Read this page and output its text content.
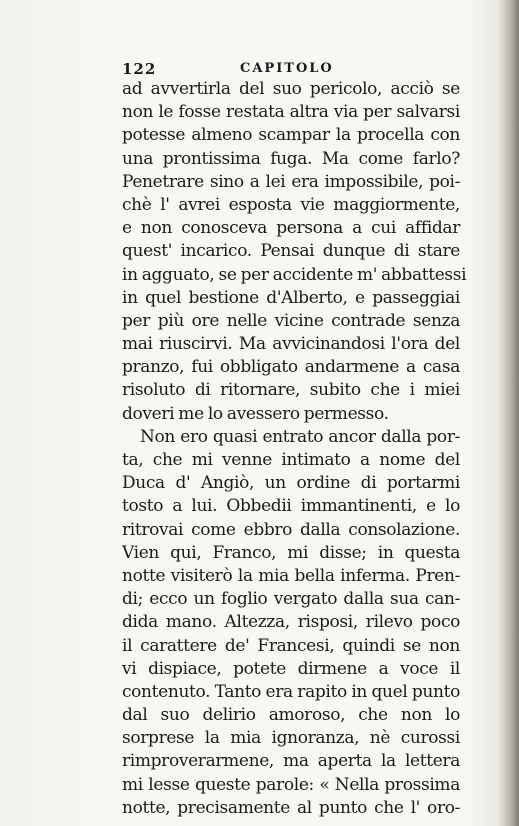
122	CAPITOLO
ad avvertirla del suo pericolo, acciò se
non le fosse restata altra via per salvarsi
potesse almeno scampar la procella con
una prontissima fuga. Ma come farlo?
Penetrare sino a lei era impossibile, poi-
chè l' avrei esposta vie maggiormente,
e non conosceva persona a cui affidar
quest' incarico. Pensai dunque di stare
in agguato, se per accidente m' abbattessi
in quel bestione d'Alberto, e passeggiai
per più ore nelle vicine contrade senza
mai riuscirvi. Ma avvicinandosi l'ora del
pranzo, fui obbligato andarmene a casa
risoluto di ritornare, subito che i miei
doveri me lo avessero permesso.
Non ero quasi entrato ancor dalla por-
ta, che mi venne intimato a nome del
Duca d' Angiò, un ordine di portarmi
tosto a lui. Obbedii immantinenti, e lo
ritrovai come ebbro dalla consolazione.
Vien qui, Franco, mi disse; in questa
notte visiterò la mia bella inferma. Pren-
di; ecco un foglio vergato dalla sua can-
dida mano. Altezza, risposi, rilevo poco
il carattere de' Francesi, quindi se non
vi dispiace, potete dirmene a voce il
contenuto. Tanto era rapito in quel punto
dal suo delirio amoroso, che non lo
sorprese la mia ignoranza, nè curossi
rimproverarmene, ma aperta la lettera
mi lesse queste parole: « Nella prossima
notte, precisamente al punto che l' oro-
